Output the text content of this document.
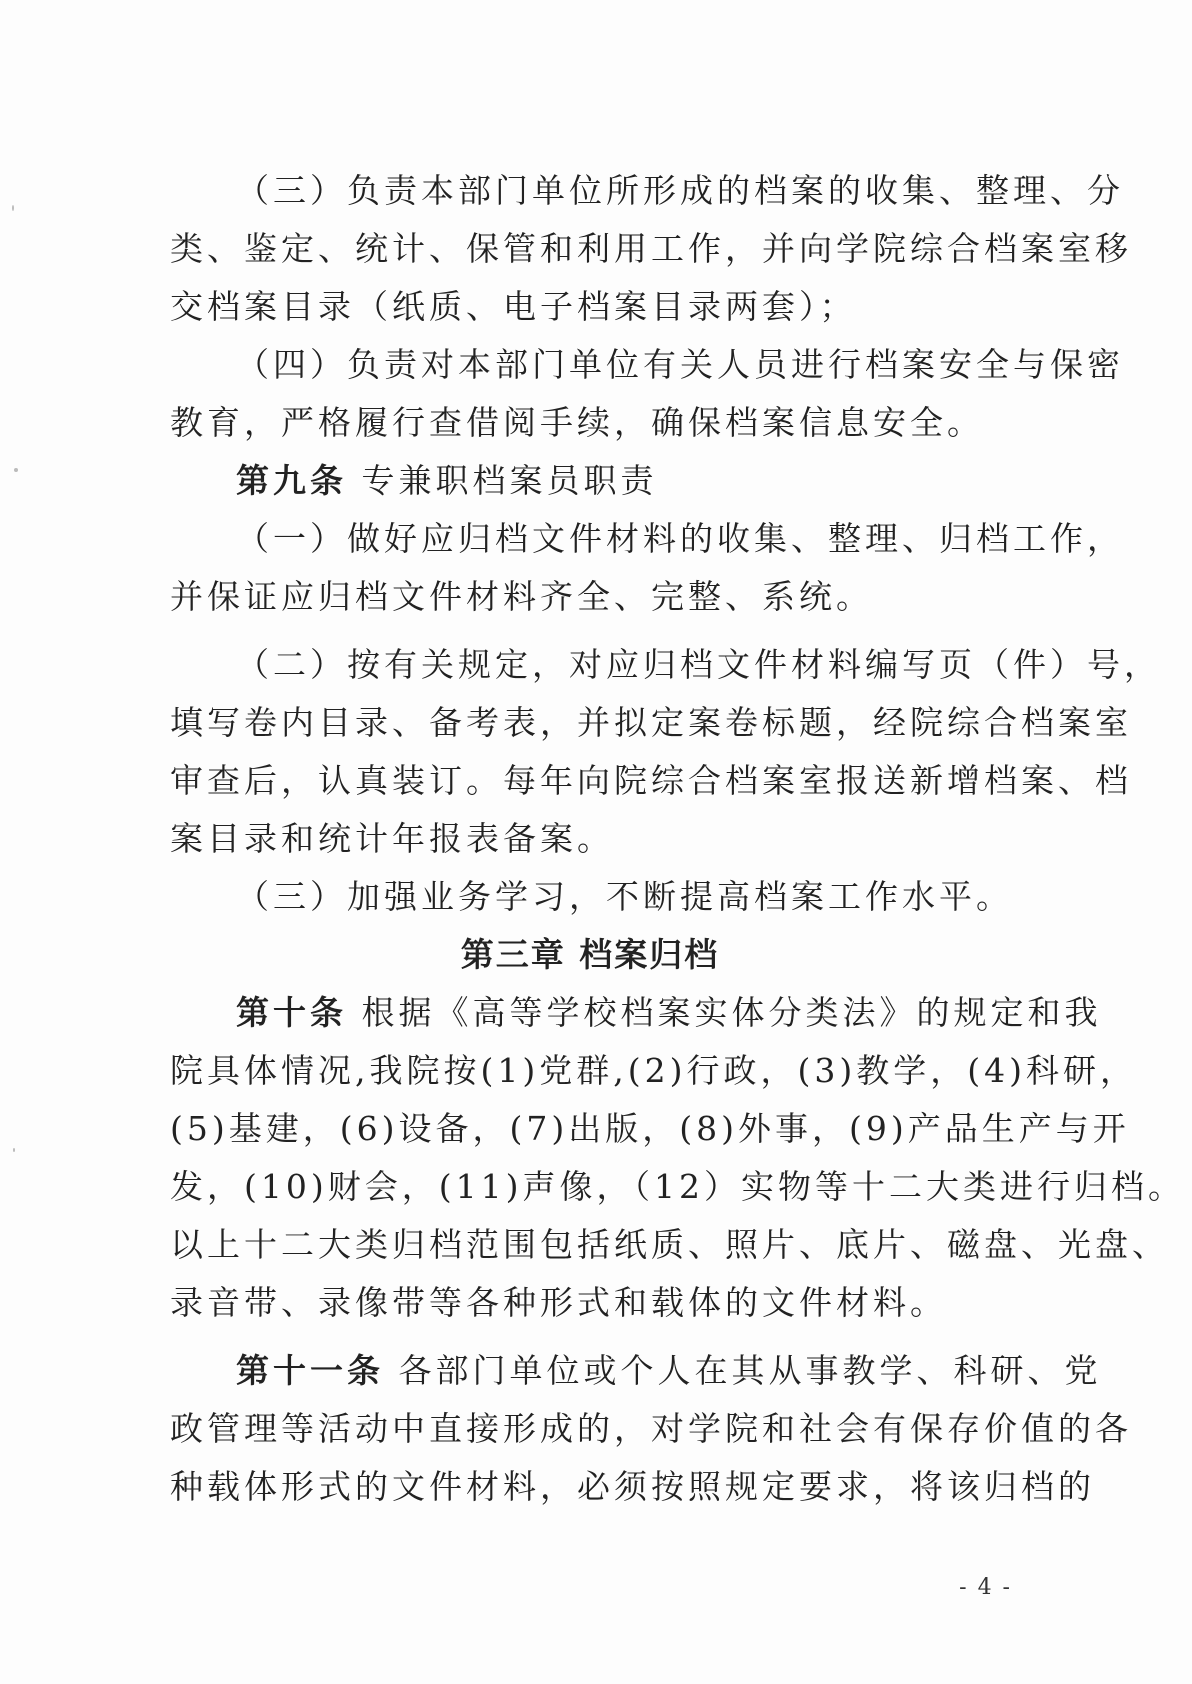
（三）负责本部门单位所形成的档案的收集、整理、分
类、鉴定、统计、保管和利用工作，并向学院综合档案室移
交档案目录（纸质、电子档案目录两套）；
（四）负责对本部门单位有关人员进行档案安全与保密
教育，严格履行查借阅手续，确保档案信息安全。
第九条 专兼职档案员职责
（一）做好应归档文件材料的收集、整理、归档工作，
并保证应归档文件材料齐全、完整、系统。
（二）按有关规定，对应归档文件材料编写页（件）号，
填写卷内目录、备考表，并拟定案卷标题，经院综合档案室
审查后，认真装订。每年向院综合档案室报送新增档案、档
案目录和统计年报表备案。
（三）加强业务学习，不断提高档案工作水平。
第三章 档案归档
第十条 根据《高等学校档案实体分类法》的规定和我
院具体情况,我院按(1)党群,(2)行政，(3)教学，(4)科研，
(5)基建，(6)设备，(7)出版，(8)外事，(9)产品生产与开
发，(10)财会，(11)声像，（12）实物等十二大类进行归档。
以上十二大类归档范围包括纸质、照片、底片、磁盘、光盘、
录音带、录像带等各种形式和载体的文件材料。
第十一条 各部门单位或个人在其从事教学、科研、党
政管理等活动中直接形成的，对学院和社会有保存价值的各
种载体形式的文件材料，必须按照规定要求，将该归档的
- 4 -
